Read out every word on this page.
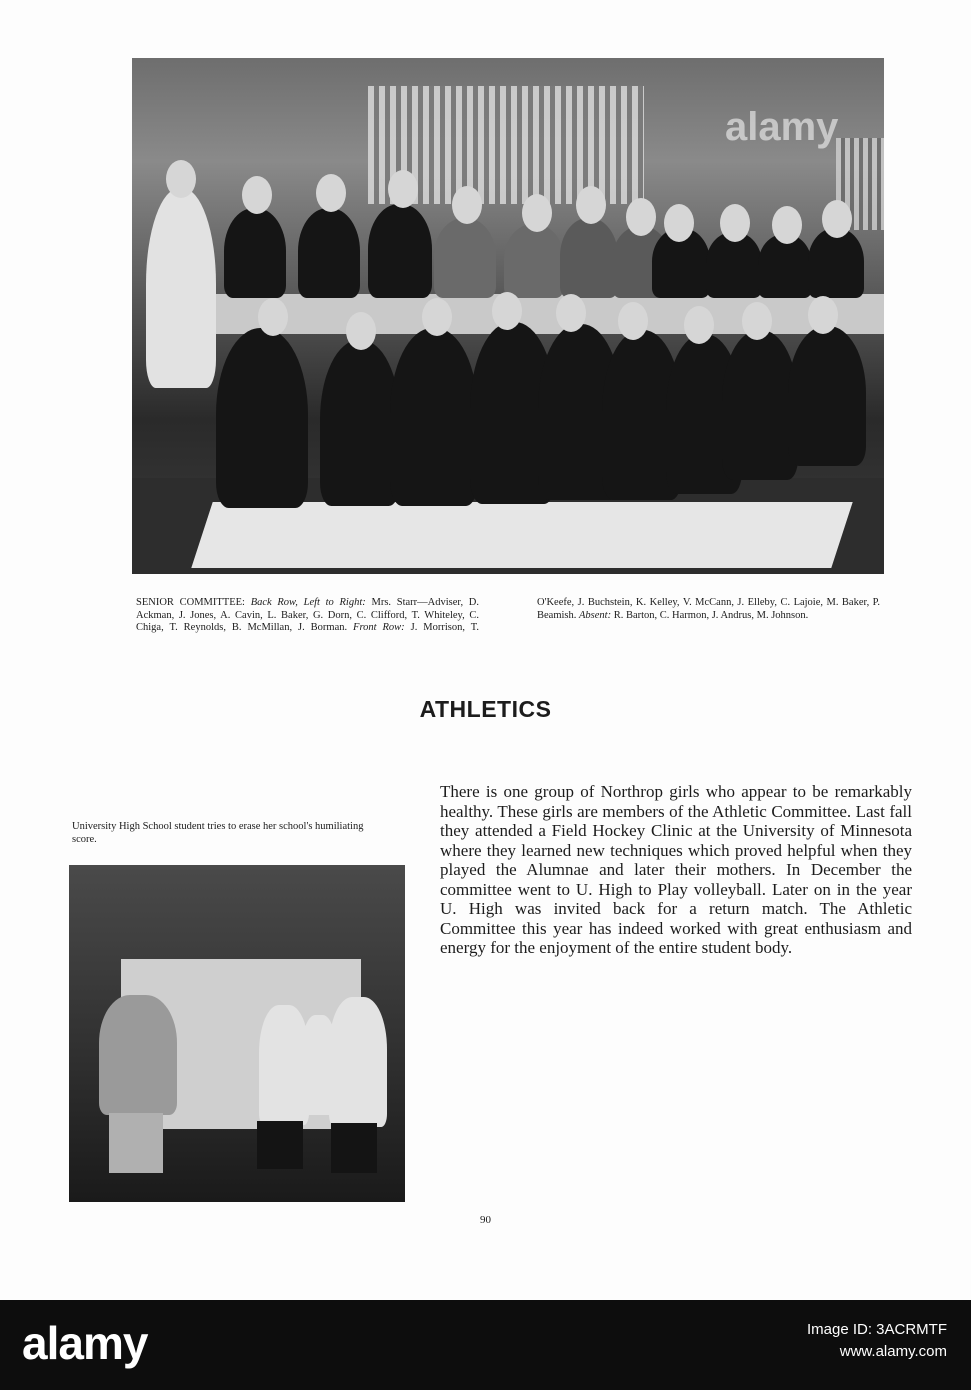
alamy
SENIOR COMMITTEE: Back Row, Left to Right: Mrs. Starr—Adviser, D. Ackman, J. Jones, A. Cavin, L. Baker, G. Dorn, C. Clifford, T. Whiteley, C. Chiga, T. Reynolds, B. McMillan, J. Borman. Front Row: J. Morrison, T. O'Keefe, J. Buchstein, K. Kelley, V. McCann, J. Elleby, C. Lajoie, M. Baker, P. Beamish. Absent: R. Barton, C. Harmon, J. Andrus, M. Johnson.
ATHLETICS
There is one group of Northrop girls who appear to be remarkably healthy. These girls are members of the Athletic Committee. Last fall they attended a Field Hockey Clinic at the University of Minnesota where they learned new techniques which proved helpful when they played the Alumnae and later their mothers. In December the committee went to U. High to Play volleyball. Later on in the year U. High was invited back for a return match. The Athletic Committee this year has indeed worked with great enthusiasm and energy for the enjoyment of the entire student body.
University High School student tries to erase her school's humiliating score.
90
alamy	Image ID: 3ACRMTF
www.alamy.com
